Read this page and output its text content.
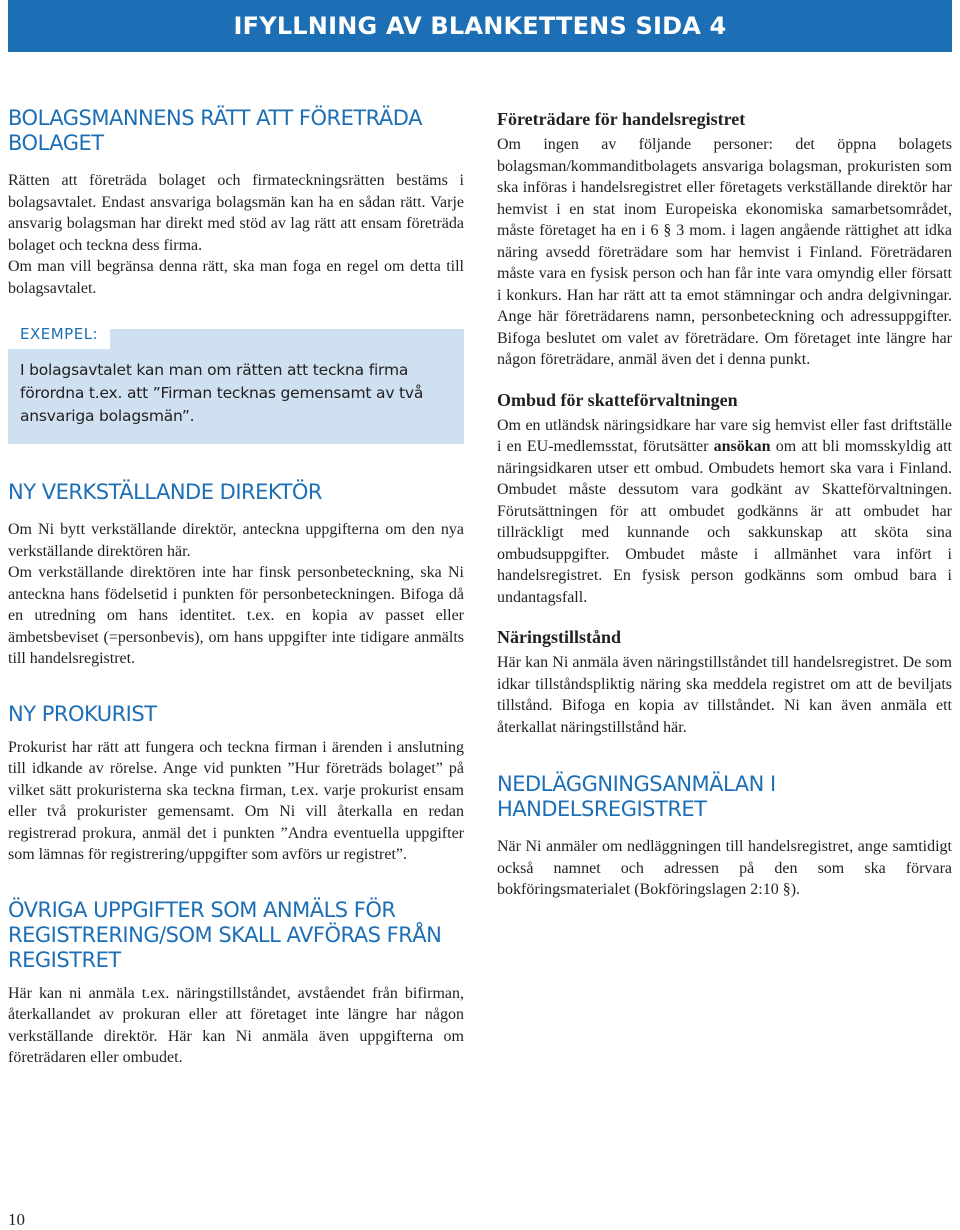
IFYLLNING AV BLANKETTENS SIDA 4
BOLAGSMANNENS RÄTT ATT FÖRETRÄDA BOLAGET

Rätten att företräda bolaget och firmateckningsrätten bestäms i bolagsavtalet. Endast ansvariga bolagsmän kan ha en sådan rätt. Varje ansvarig bolagsman har direkt med stöd av lag rätt att ensam företräda bolaget och teckna dess firma.

Om man vill begränsa denna rätt, ska man foga en regel om detta till bolagsavtalet.

EXEMPEL:

I bolagsavtalet kan man om rätten att teckna firma förordna t.ex. att ”Firman tecknas gemensamt av två ansvariga bolagsmän”.

NY VERKSTÄLLANDE DIREKTÖR

Om Ni bytt verkställande direktör, anteckna uppgifterna om den nya verkställande direktören här.

Om verkställande direktören inte har finsk personbeteckning, ska Ni anteckna hans födelsetid i punkten för personbeteckningen. Bifoga då en utredning om hans identitet. t.ex. en kopia av passet eller ämbetsbeviset (=personbevis), om hans uppgifter inte tidigare anmälts till handelsregistret.

NY PROKURIST

Prokurist har rätt att fungera och teckna firman i ärenden i anslutning till idkande av rörelse. Ange vid punkten ”Hur företräds bolaget” på vilket sätt prokuristerna ska teckna firman, t.ex. varje prokurist ensam eller två prokurister gemensamt. Om Ni vill återkalla en redan registrerad prokura, anmäl det i punkten ”Andra eventuella uppgifter som lämnas för registrering/uppgifter som avförs ur registret”.

ÖVRIGA UPPGIFTER SOM ANMÄLS FÖR REGISTRERING/SOM SKALL AVFÖRAS FRÅN REGISTRET

Här kan ni anmäla t.ex. näringstillståndet, avståendet från bifirman, återkallandet av prokuran eller att företaget inte längre har någon verkställande direktör. Här kan Ni anmäla även uppgifterna om företrädaren eller ombudet.

Företrädare för handelsregistret

Om ingen av följande personer: det öppna bolagets bolagsman/kommanditbolagets ansvariga bolagsman, prokuristen som ska införas i handelsregistret eller företagets verkställande direktör har hemvist i en stat inom Europeiska ekonomiska samarbetsområdet, måste företaget ha en i 6 § 3 mom. i lagen angående rättighet att idka näring avsedd företrädare som har hemvist i Finland. Företrädaren måste vara en fysisk person och han får inte vara omyndig eller försatt i konkurs. Han har rätt att ta emot stämningar och andra delgivningar. Ange här företrädarens namn, personbeteckning och adressuppgifter. Bifoga beslutet om valet av företrädare. Om företaget inte längre har någon företrädare, anmäl även det i denna punkt.

Ombud för skatteförvaltningen

Om en utländsk näringsidkare har vare sig hemvist eller fast driftställe i en EU-medlemsstat, förutsätter ansökan om att bli momsskyldig att näringsidkaren utser ett ombud. Ombudets hemort ska vara i Finland. Ombudet måste dessutom vara godkänt av Skatteförvaltningen. Förutsättningen för att ombudet godkänns är att ombudet har tillräckligt med kunnande och sakkunskap att sköta sina ombudsuppgifter. Ombudet måste i allmänhet vara infört i handelsregistret. En fysisk person godkänns som ombud bara i undantagsfall.

Näringstillstånd

Här kan Ni anmäla även näringstillståndet till handelsregistret. De som idkar tillståndspliktig näring ska meddela registret om att de beviljats tillstånd. Bifoga en kopia av tillståndet. Ni kan även anmäla ett återkallat näringstillstånd här.

NEDLÄGGNINGSANMÄLAN I HANDELSREGISTRET

När Ni anmäler om nedläggningen till handelsregistret, ange samtidigt också namnet och adressen på den som ska förvara bokföringsmaterialet (Bokföringslagen 2:10 §).

10
